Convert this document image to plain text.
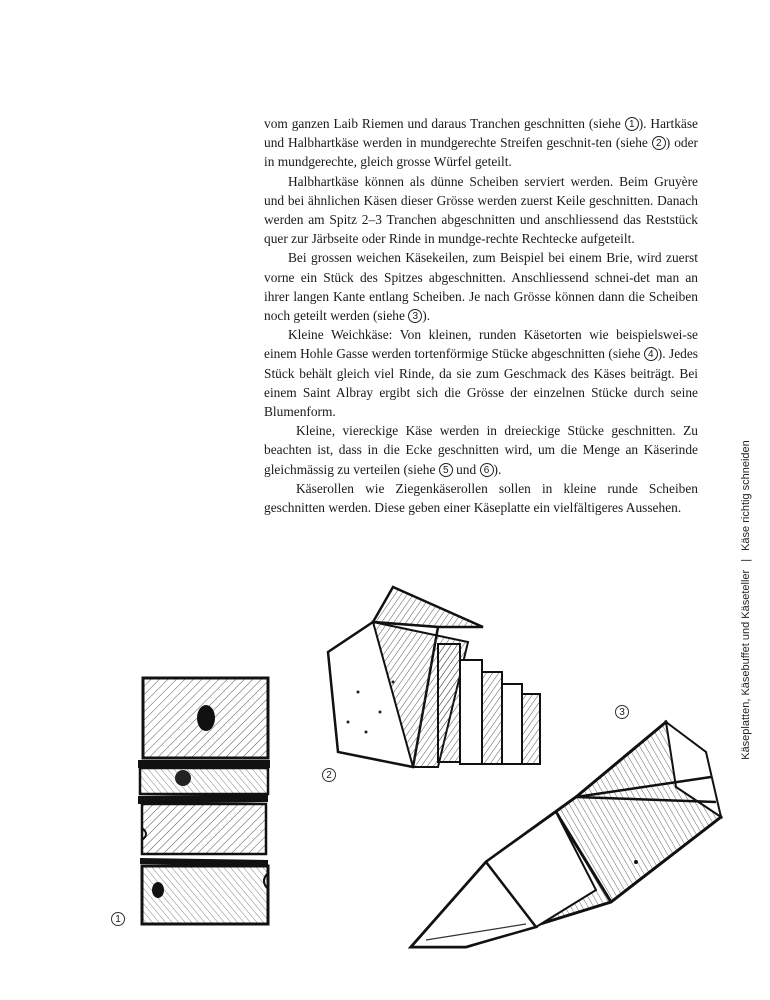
vom ganzen Laib Riemen und daraus Tranchen geschnitten (siehe 1 ). Hartkäse und Halbhartkäse werden in mundgerechte Streifen geschnit-ten (siehe 2 ) oder in mundgerechte, gleich grosse Würfel geteilt.

Halbhartkäse können als dünne Scheiben serviert werden. Beim Gruyère und bei ähnlichen Käsen dieser Grösse werden zuerst Keile geschnitten. Danach werden am Spitz 2–3 Tranchen abgeschnitten und anschliessend das Reststück quer zur Järbseite oder Rinde in mundge-rechte Rechtecke aufgeteilt.

Bei grossen weichen Käsekeilen, zum Beispiel bei einem Brie, wird zuerst vorne ein Stück des Spitzes abgeschnitten. Anschliessend schnei-det man an ihrer langen Kante entlang Scheiben. Je nach Grösse können dann die Scheiben noch geteilt werden (siehe 3 ).

Kleine Weichkäse: Von kleinen, runden Käsetorten wie beispielswei-se einem Hohle Gasse werden tortenförmige Stücke abgeschnitten (siehe 4 ). Jedes Stück behält gleich viel Rinde, da sie zum Geschmack des Käses beiträgt. Bei einem Saint Albray ergibt sich die Grösse der einzelnen Stücke durch seine Blumenform.

Kleine, viereckige Käse werden in dreieckige Stücke geschnitten. Zu beachten ist, dass in die Ecke geschnitten wird, um die Menge an Käserinde gleichmässig zu verteilen (siehe 5 und 6 ).

Käserollen wie Ziegenkäserollen sollen in kleine runde Scheiben geschnitten werden. Diese geben einer Käseplatte ein vielfältigeres Aussehen.

Käseplatten, Käsebuffet und Käseteller|Käse richtig schneiden
1
2
3
